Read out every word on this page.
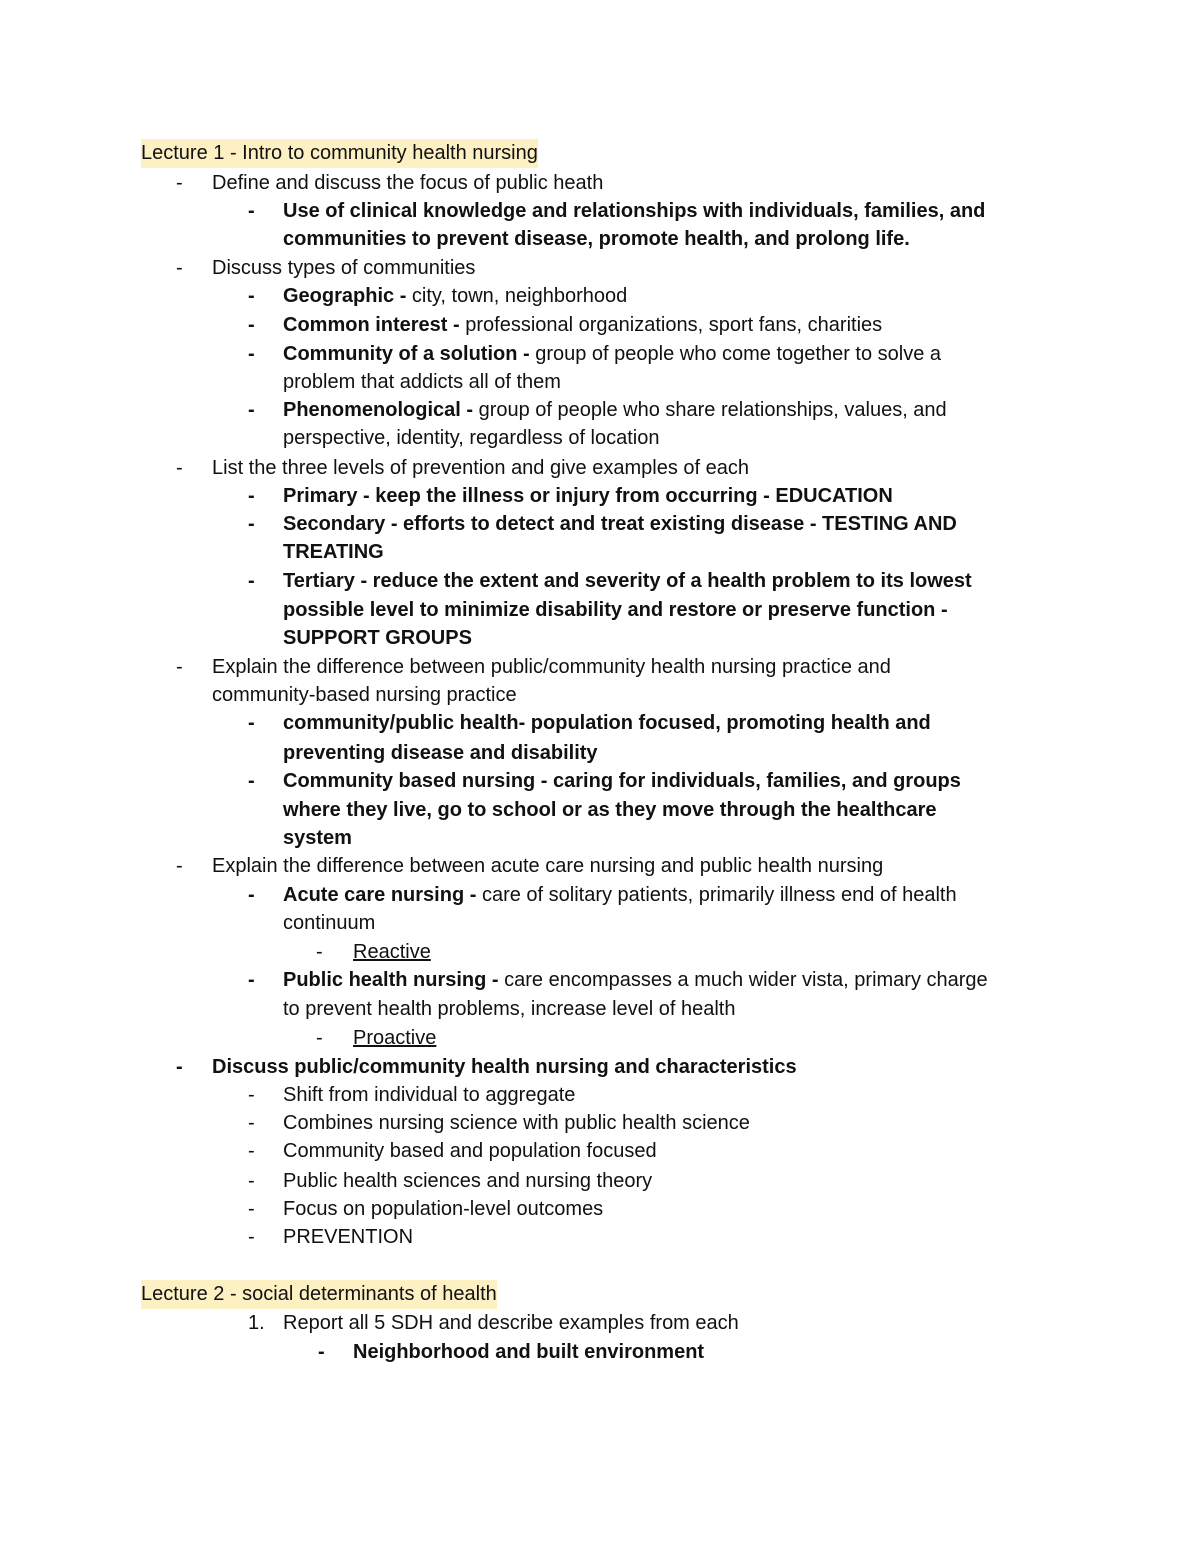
Lecture 1 - Intro to community health nursing
- Define and discuss the focus of public heath
- Use of clinical knowledge and relationships with individuals, families, and
communities to prevent disease, promote health, and prolong life.
- Discuss types of communities
- Geographic - city, town, neighborhood
- Common interest - professional organizations, sport fans, charities
- Community of a solution - group of people who come together to solve a
problem that addicts all of them
- Phenomenological - group of people who share relationships, values, and
perspective, identity, regardless of location
- List the three levels of prevention and give examples of each
- Primary - keep the illness or injury from occurring - EDUCATION
- Secondary - efforts to detect and treat existing disease - TESTING AND
TREATING
- Tertiary - reduce the extent and severity of a health problem to its lowest
possible level to minimize disability and restore or preserve function -
SUPPORT GROUPS
- Explain the difference between public/community health nursing practice and
community-based nursing practice
- community/public health- population focused, promoting health and
preventing disease and disability
- Community based nursing - caring for individuals, families, and groups
where they live, go to school or as they move through the healthcare
system
- Explain the difference between acute care nursing and public health nursing
- Acute care nursing - care of solitary patients, primarily illness end of health
continuum
- Reactive
- Public health nursing - care encompasses a much wider vista, primary charge
to prevent health problems, increase level of health
- Proactive
- Discuss public/community health nursing and characteristics
- Shift from individual to aggregate
- Combines nursing science with public health science
- Community based and population focused
- Public health sciences and nursing theory
- Focus on population-level outcomes
- PREVENTION
Lecture 2 - social determinants of health
1. Report all 5 SDH and describe examples from each
- Neighborhood and built environment
